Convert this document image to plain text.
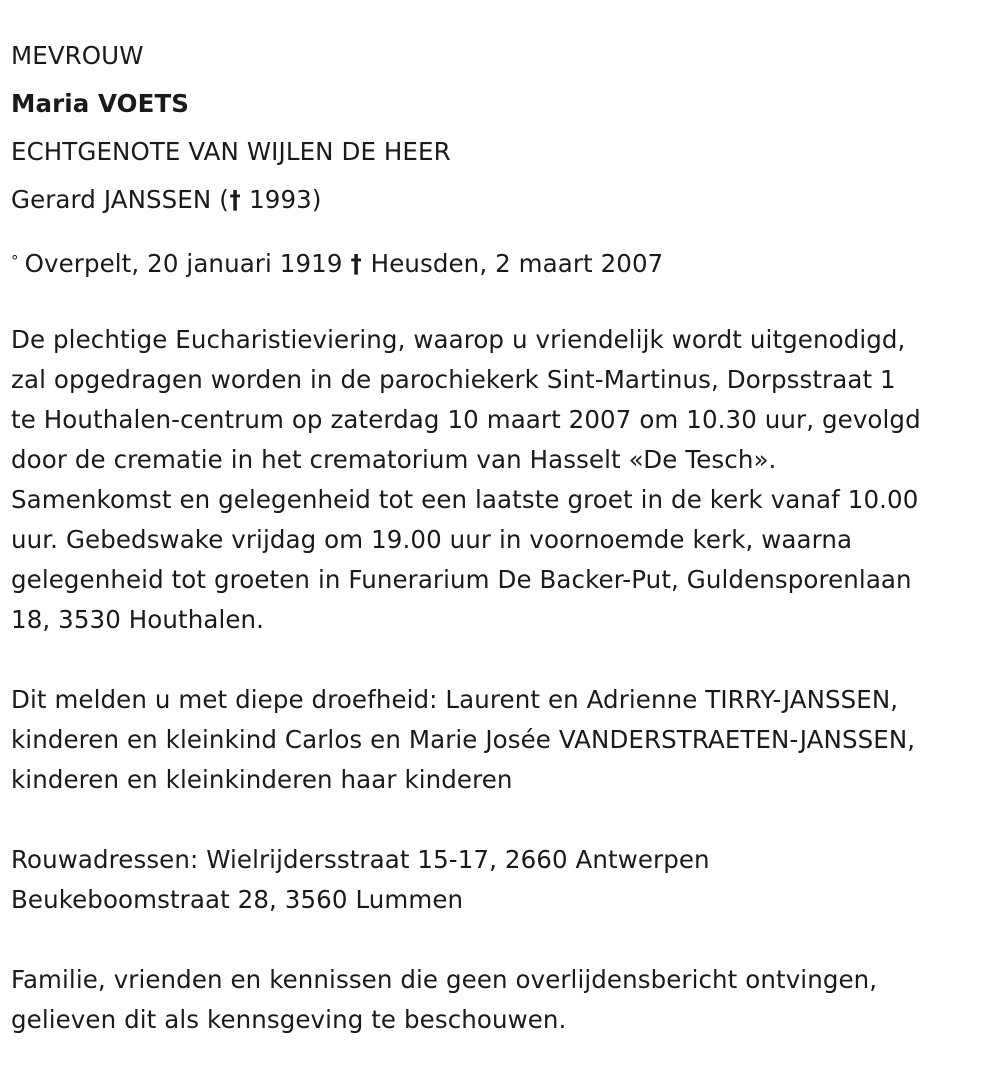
MEVROUW
Maria VOETS
ECHTGENOTE VAN WIJLEN DE HEER
Gerard JANSSEN († 1993)
° Overpelt, 20 januari 1919 † Heusden, 2 maart 2007
De plechtige Eucharistieviering, waarop u vriendelijk wordt uitgenodigd,
zal opgedragen worden in de parochiekerk Sint-Martinus, Dorpsstraat 1
te Houthalen-centrum op zaterdag 10 maart 2007 om 10.30 uur, gevolgd
door de crematie in het crematorium van Hasselt «De Tesch».
Samenkomst en gelegenheid tot een laatste groet in de kerk vanaf 10.00
uur. Gebedswake vrijdag om 19.00 uur in voornoemde kerk, waarna
gelegenheid tot groeten in Funerarium De Backer-Put, Guldensporenlaan
18, 3530 Houthalen.
Dit melden u met diepe droefheid: Laurent en Adrienne TIRRY-JANSSEN,
kinderen en kleinkind Carlos en Marie Josée VANDERSTRAETEN-JANSSEN,
kinderen en kleinkinderen haar kinderen
Rouwadressen: Wielrijdersstraat 15-17, 2660 Antwerpen
Beukeboomstraat 28, 3560 Lummen
Familie, vrienden en kennissen die geen overlijdensbericht ontvingen,
gelieven dit als kennsgeving te beschouwen.
